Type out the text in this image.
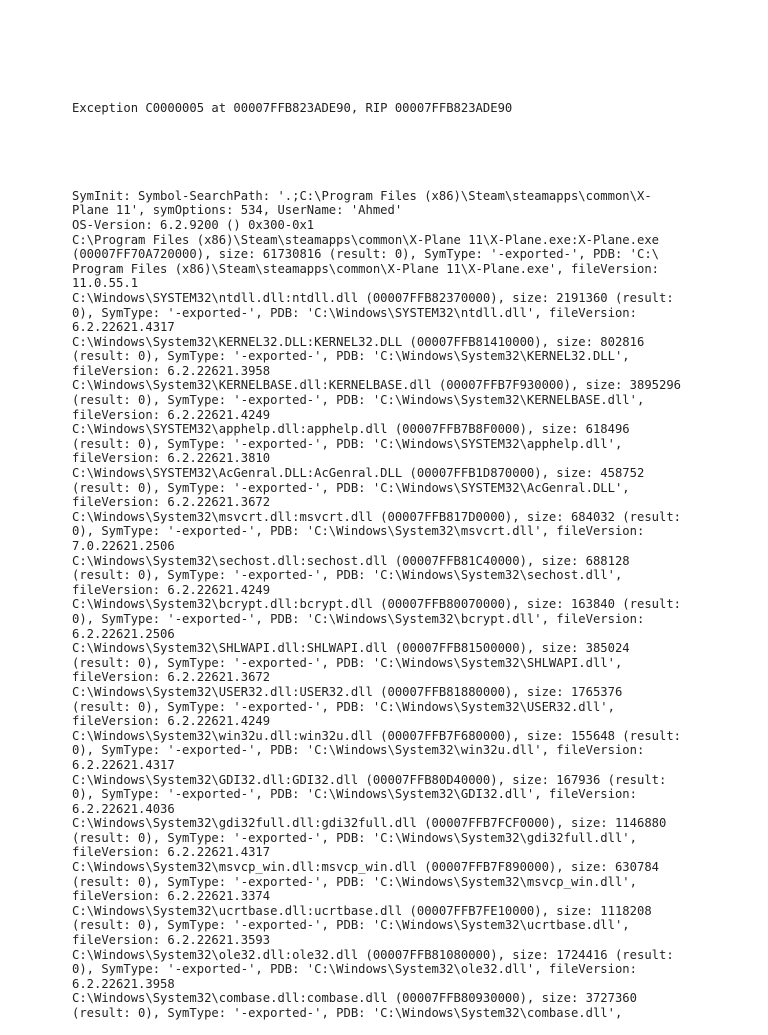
Exception C0000005 at 00007FFB823ADE90, RIP 00007FFB823ADE90

SymInit: Symbol-SearchPath: '.;C:\Program Files (x86)\Steam\steamapps\common\X-
Plane 11', symOptions: 534, UserName: 'Ahmed'
OS-Version: 6.2.9200 () 0x300-0x1
C:\Program Files (x86)\Steam\steamapps\common\X-Plane 11\X-Plane.exe:X-Plane.exe
(00007FF70A720000), size: 61730816 (result: 0), SymType: '-exported-', PDB: 'C:\
Program Files (x86)\Steam\steamapps\common\X-Plane 11\X-Plane.exe', fileVersion:
11.0.55.1
C:\Windows\SYSTEM32\ntdll.dll:ntdll.dll (00007FFB82370000), size: 2191360 (result:
0), SymType: '-exported-', PDB: 'C:\Windows\SYSTEM32\ntdll.dll', fileVersion:
6.2.22621.4317
C:\Windows\System32\KERNEL32.DLL:KERNEL32.DLL (00007FFB81410000), size: 802816
(result: 0), SymType: '-exported-', PDB: 'C:\Windows\System32\KERNEL32.DLL',
fileVersion: 6.2.22621.3958
C:\Windows\System32\KERNELBASE.dll:KERNELBASE.dll (00007FFB7F930000), size: 3895296
(result: 0), SymType: '-exported-', PDB: 'C:\Windows\System32\KERNELBASE.dll',
fileVersion: 6.2.22621.4249
C:\Windows\SYSTEM32\apphelp.dll:apphelp.dll (00007FFB7B8F0000), size: 618496
(result: 0), SymType: '-exported-', PDB: 'C:\Windows\SYSTEM32\apphelp.dll',
fileVersion: 6.2.22621.3810
C:\Windows\SYSTEM32\AcGenral.DLL:AcGenral.DLL (00007FFB1D870000), size: 458752
(result: 0), SymType: '-exported-', PDB: 'C:\Windows\SYSTEM32\AcGenral.DLL',
fileVersion: 6.2.22621.3672
C:\Windows\System32\msvcrt.dll:msvcrt.dll (00007FFB817D0000), size: 684032 (result:
0), SymType: '-exported-', PDB: 'C:\Windows\System32\msvcrt.dll', fileVersion:
7.0.22621.2506
C:\Windows\System32\sechost.dll:sechost.dll (00007FFB81C40000), size: 688128
(result: 0), SymType: '-exported-', PDB: 'C:\Windows\System32\sechost.dll',
fileVersion: 6.2.22621.4249
C:\Windows\System32\bcrypt.dll:bcrypt.dll (00007FFB80070000), size: 163840 (result:
0), SymType: '-exported-', PDB: 'C:\Windows\System32\bcrypt.dll', fileVersion:
6.2.22621.2506
C:\Windows\System32\SHLWAPI.dll:SHLWAPI.dll (00007FFB81500000), size: 385024
(result: 0), SymType: '-exported-', PDB: 'C:\Windows\System32\SHLWAPI.dll',
fileVersion: 6.2.22621.3672
C:\Windows\System32\USER32.dll:USER32.dll (00007FFB81880000), size: 1765376
(result: 0), SymType: '-exported-', PDB: 'C:\Windows\System32\USER32.dll',
fileVersion: 6.2.22621.4249
C:\Windows\System32\win32u.dll:win32u.dll (00007FFB7F680000), size: 155648 (result:
0), SymType: '-exported-', PDB: 'C:\Windows\System32\win32u.dll', fileVersion:
6.2.22621.4317
C:\Windows\System32\GDI32.dll:GDI32.dll (00007FFB80D40000), size: 167936 (result:
0), SymType: '-exported-', PDB: 'C:\Windows\System32\GDI32.dll', fileVersion:
6.2.22621.4036
C:\Windows\System32\gdi32full.dll:gdi32full.dll (00007FFB7FCF0000), size: 1146880
(result: 0), SymType: '-exported-', PDB: 'C:\Windows\System32\gdi32full.dll',
fileVersion: 6.2.22621.4317
C:\Windows\System32\msvcp_win.dll:msvcp_win.dll (00007FFB7F890000), size: 630784
(result: 0), SymType: '-exported-', PDB: 'C:\Windows\System32\msvcp_win.dll',
fileVersion: 6.2.22621.3374
C:\Windows\System32\ucrtbase.dll:ucrtbase.dll (00007FFB7FE10000), size: 1118208
(result: 0), SymType: '-exported-', PDB: 'C:\Windows\System32\ucrtbase.dll',
fileVersion: 6.2.22621.3593
C:\Windows\System32\ole32.dll:ole32.dll (00007FFB81080000), size: 1724416 (result:
0), SymType: '-exported-', PDB: 'C:\Windows\System32\ole32.dll', fileVersion:
6.2.22621.3958
C:\Windows\System32\combase.dll:combase.dll (00007FFB80930000), size: 3727360
(result: 0), SymType: '-exported-', PDB: 'C:\Windows\System32\combase.dll',
